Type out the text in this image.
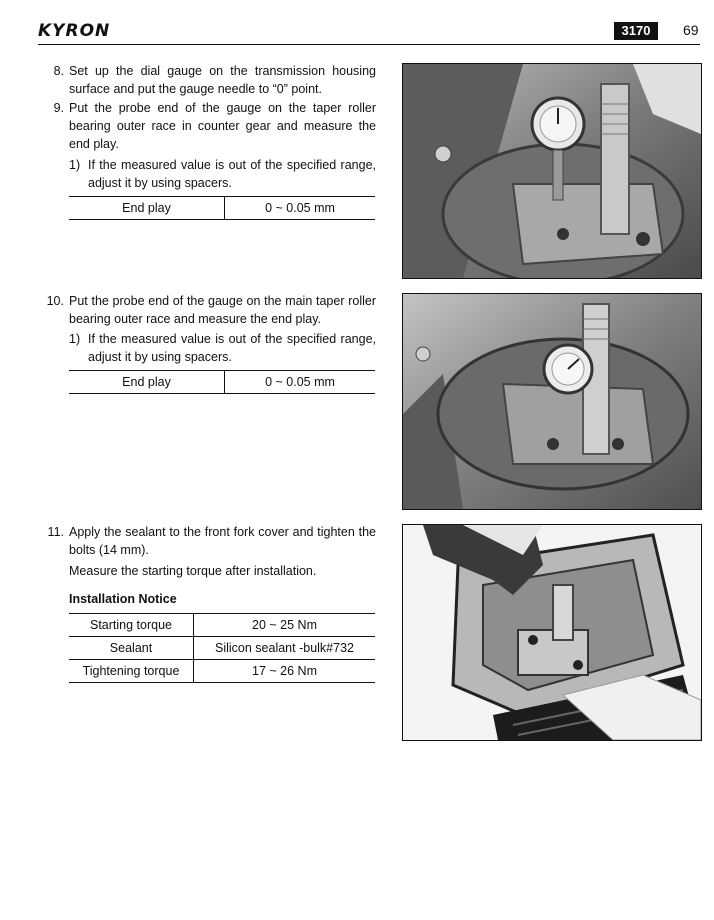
KYRON	3170	69
8. Set up the dial gauge on the transmission housing surface and put the gauge needle to “0” point.
9. Put the probe end of the gauge on the taper roller bearing outer race in counter gear and measure the end play.
1) If the measured value is out of the specified range, adjust it by using spacers.
End play	0 ~ 0.05 mm
10. Put the probe end of the gauge on the main taper roller bearing outer race and measure the end play.
1) If the measured value is out of the specified range, adjust it by using spacers.
End play	0 ~ 0.05 mm
11. Apply the sealant to the front fork cover and tighten the bolts (14 mm).
Measure the starting torque after installation.
Installation Notice
Starting torque	20 ~ 25 Nm
Sealant	Silicon sealant -bulk#732
Tightening torque	17 ~ 26 Nm
